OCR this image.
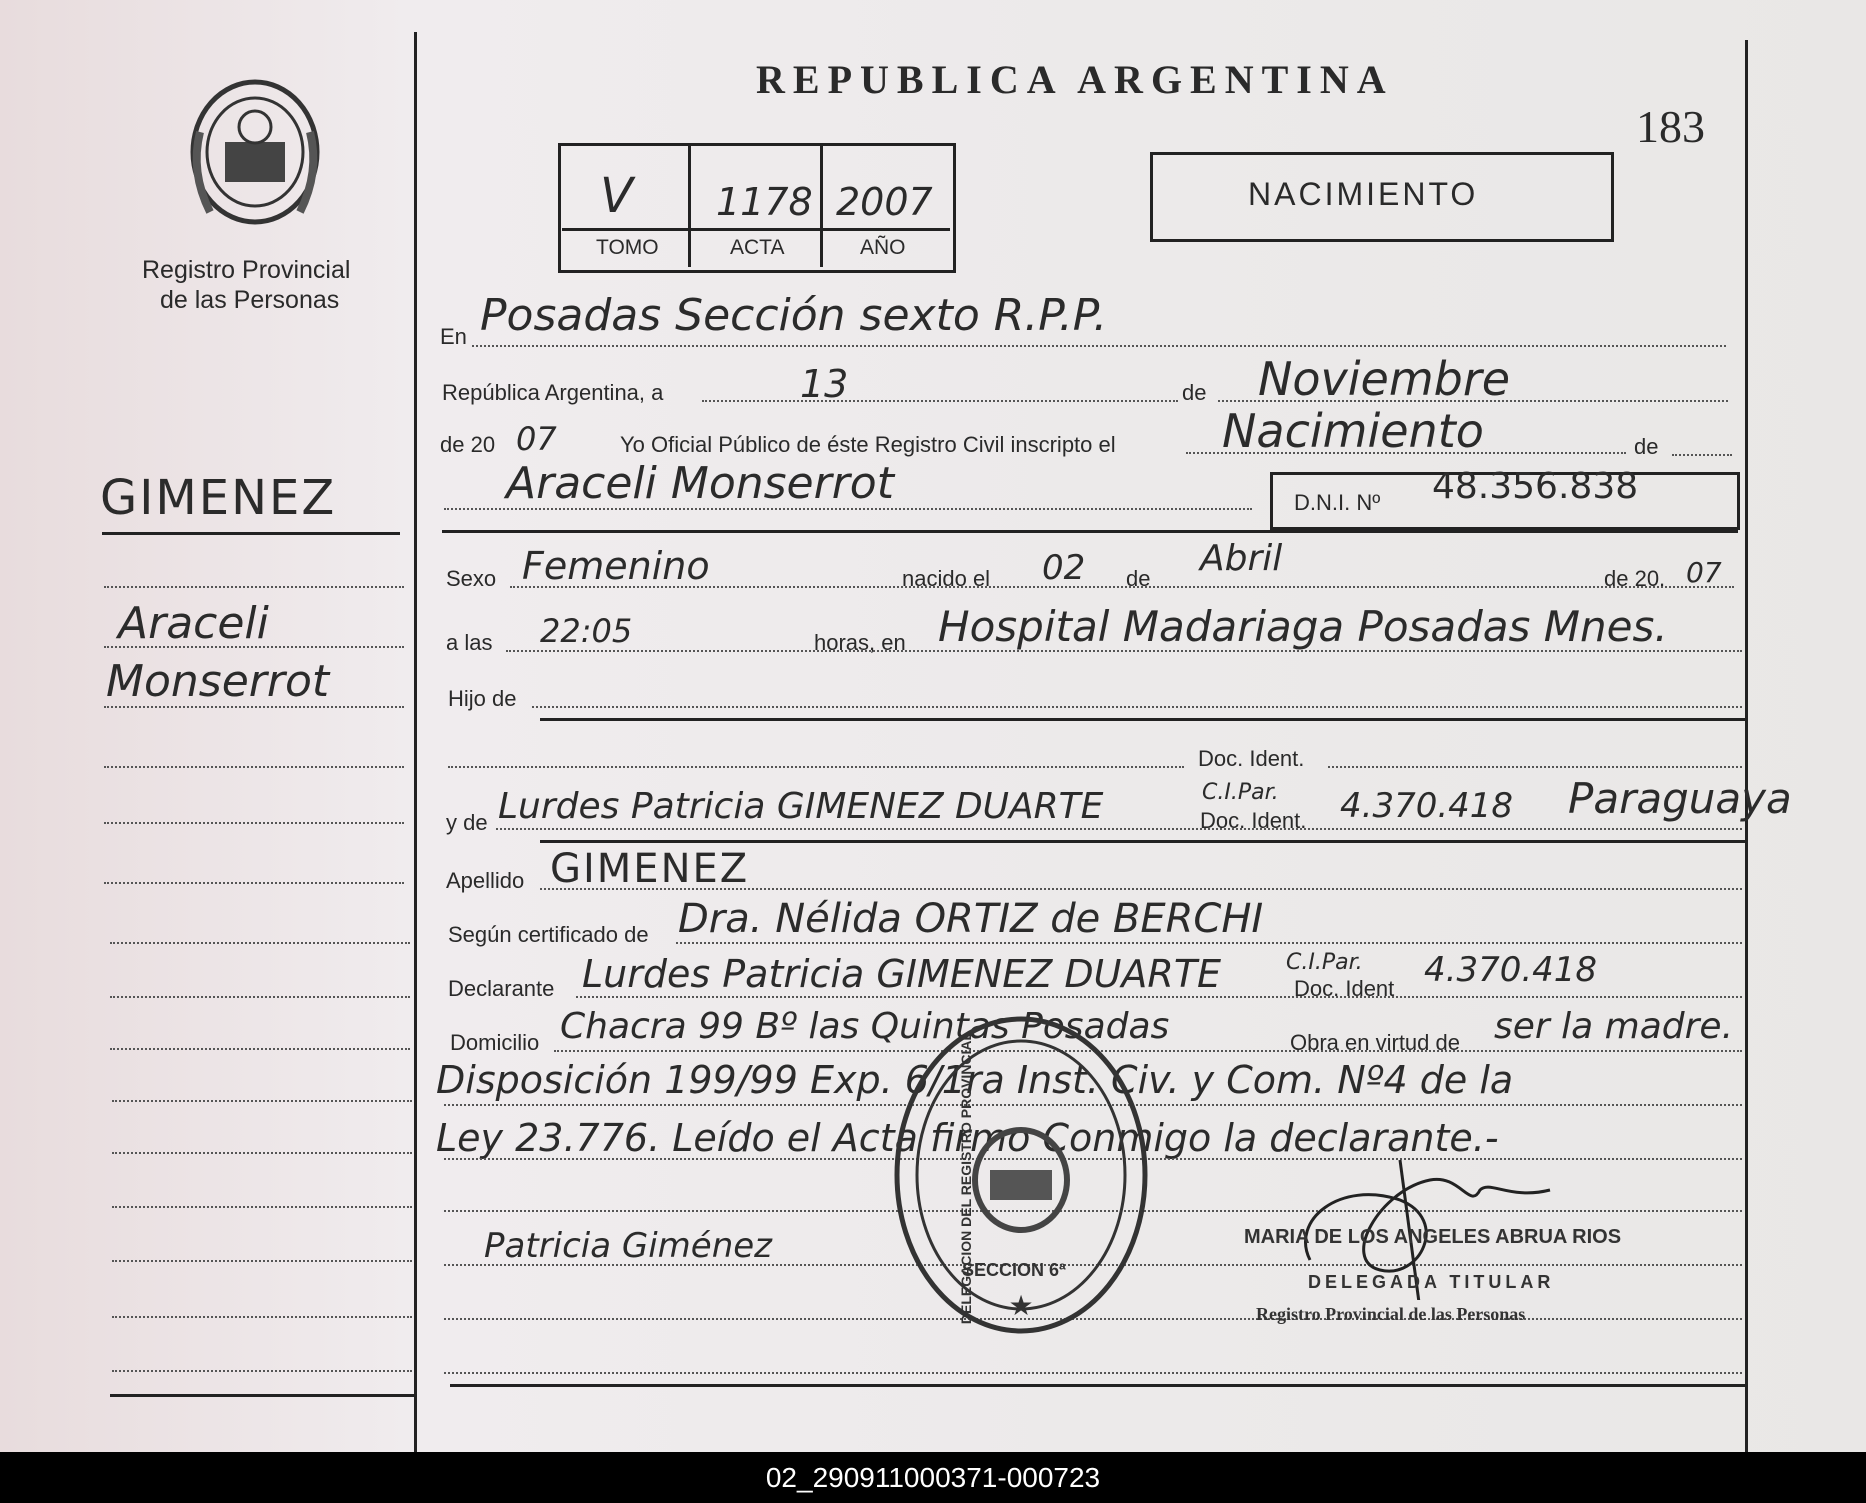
Registro Provincial
de las Personas
GIMENEZ
Araceli
Monserrot
REPUBLICA ARGENTINA
183
V 1178 2007
TOMO	ACTA	AÑO
NACIMIENTO
En Posadas Sección sexto R.P.P.
República Argentina, a	13	de Noviembre
de 20 07	Yo Oficial Público de éste Registro Civil inscripto el Nacimiento	de
Araceli Monserrot	D.N.I. Nº 48.356.838
Sexo Femenino	nacido el 02 de Abril	de 20. 07
a las 22:05	horas, en Hospital Madariaga Posadas Mnes.
Hijo de
Doc. Ident.
y de Lurdes Patricia GIMENEZ DUARTE	C.I.Par.
Doc. Ident. 4.370.418 Paraguaya
Apellido GIMENEZ
Según certificado de Dra. Nélida ORTIZ de BERCHI
Declarante Lurdes Patricia GIMENEZ DUARTE	C.I.Par.
Doc. Ident 4.370.418
Domicilio Chacra 99 Bº las Quintas Posadas	Obra en virtud de ser la madre.
Disposición 199/99 Exp. 6/1ra Inst. Civ. y Com. Nº4 de la
Ley 23.776. Leído el Acta firmo Conmigo la declarante.-
Patricia Giménez
★
DELEGACION DEL REGISTRO PROVINCIAL
SECCION 6ª
MARIA DE LOS ANGELES ABRUA RIOS
DELEGADA TITULAR
Registro Provincial de las Personas
02_290911000371-000723
